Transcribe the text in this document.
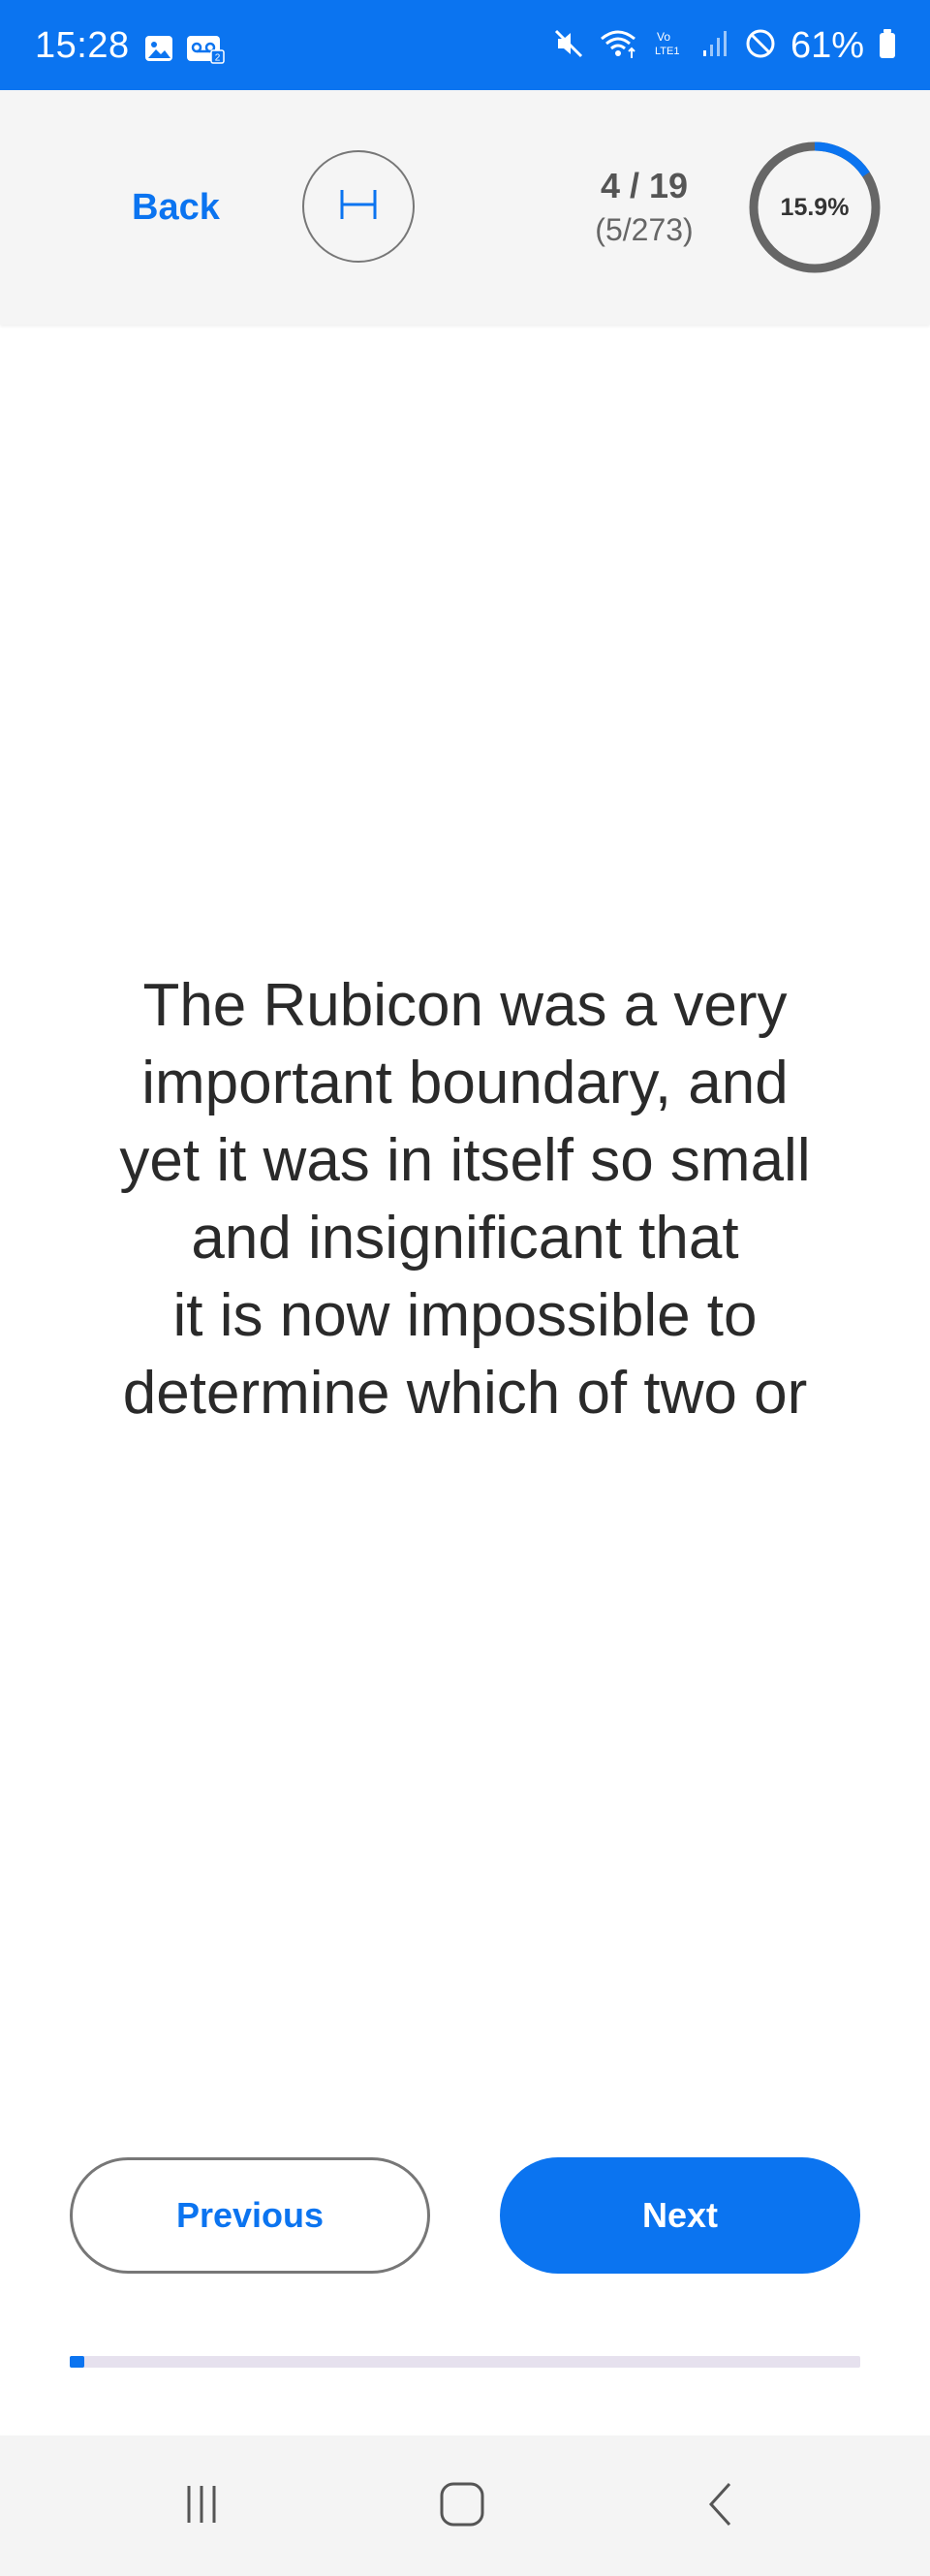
15:28	2
Vo
LTE1	61%
Back
4 / 19
(5/273)
15.9%
The Rubicon was a very
important boundary, and
yet it was in itself so small
and insignificant that
it is now impossible to
determine which of two or
Previous	Next
